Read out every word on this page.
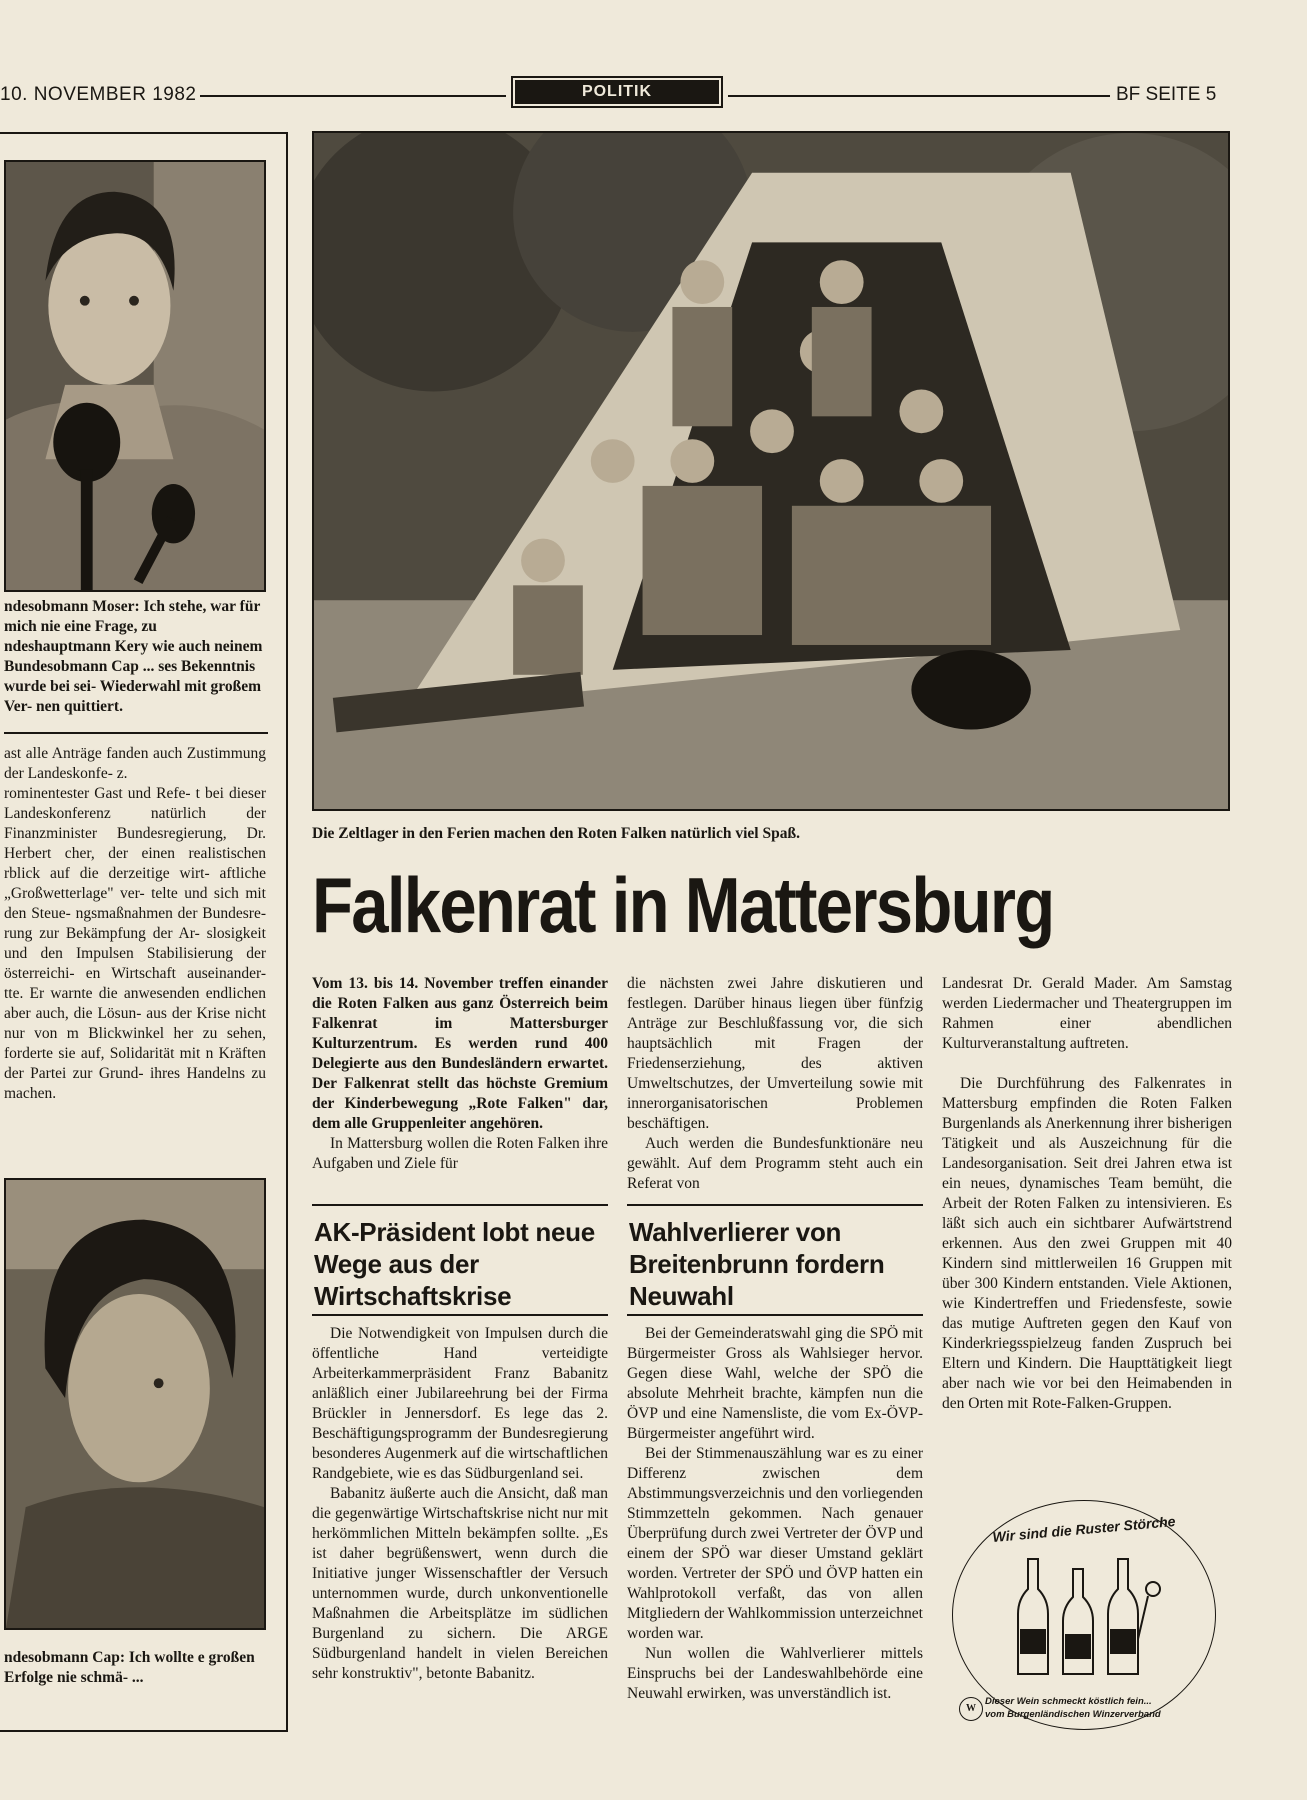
10. NOVEMBER 1982	POLITIK	BF SEITE 5
ndesobmann Moser: Ich stehe, war für mich nie eine Frage, zu ndeshauptmann Kery wie auch neinem Bundesobmann Cap ... ses Bekenntnis wurde bei sei- Wiederwahl mit großem Ver- nen quittiert.

ast alle Anträge fanden auch Zustimmung der Landeskonfe- z.

rominentester Gast und Refe- t bei dieser Landeskonferenz natürlich der Finanzminister Bundesregierung, Dr. Herbert cher, der einen realistischen rblick auf die derzeitige wirt- aftliche „Großwetterlage" ver- telte und sich mit den Steue- ngsmaßnahmen der Bundesre- rung zur Bekämpfung der Ar- slosigkeit und den Impulsen Stabilisierung der österreichi- en Wirtschaft auseinander- tte. Er warnte die anwesenden endlichen aber auch, die Lösun- aus der Krise nicht nur von m Blickwinkel her zu sehen, forderte sie auf, Solidarität mit n Kräften der Partei zur Grund- ihres Handelns zu machen.

ndesobmann Cap: Ich wollte e großen Erfolge nie schmä- ...
Die Zeltlager in den Ferien machen den Roten Falken natürlich viel Spaß.
Falkenrat in Mattersburg

Vom 13. bis 14. November treffen einander die Roten Falken aus ganz Österreich beim Falkenrat im Mattersburger Kulturzentrum. Es werden rund 400 Delegierte aus den Bundesländern erwartet. Der Falkenrat stellt das höchste Gremium der Kinderbewegung „Rote Falken" dar, dem alle Gruppenleiter angehören.

In Mattersburg wollen die Roten Falken ihre Aufgaben und Ziele für

die nächsten zwei Jahre diskutieren und festlegen. Darüber hinaus liegen über fünfzig Anträge zur Beschlußfassung vor, die sich hauptsächlich mit Fragen der Friedenserziehung, des aktiven Umweltschutzes, der Umverteilung sowie mit innerorganisatorischen Problemen beschäftigen.

Auch werden die Bundesfunktionäre neu gewählt. Auf dem Programm steht auch ein Referat von

Landesrat Dr. Gerald Mader. Am Samstag werden Liedermacher und Theatergruppen im Rahmen einer abendlichen Kulturveranstaltung auftreten.

Die Durchführung des Falkenrates in Mattersburg empfinden die Roten Falken Burgenlands als Anerkennung ihrer bisherigen Tätigkeit und als Auszeichnung für die Landesorganisation. Seit drei Jahren etwa ist ein neues, dynamisches Team bemüht, die Arbeit der Roten Falken zu intensivieren. Es läßt sich auch ein sichtbarer Aufwärtstrend erkennen. Aus den zwei Gruppen mit 40 Kindern sind mittlerweilen 16 Gruppen mit über 300 Kindern entstanden. Viele Aktionen, wie Kindertreffen und Friedensfeste, sowie das mutige Auftreten gegen den Kauf von Kinderkriegsspielzeug fanden Zuspruch bei Eltern und Kindern. Die Haupttätigkeit liegt aber nach wie vor bei den Heimabenden in den Orten mit Rote-Falken-Gruppen.

AK-Präsident lobt neue Wege aus der Wirtschaftskrise

Die Notwendigkeit von Impulsen durch die öffentliche Hand verteidigte Arbeiterkammerpräsident Franz Babanitz anläßlich einer Jubilareehrung bei der Firma Brückler in Jennersdorf. Es lege das 2. Beschäftigungsprogramm der Bundesregierung besonderes Augenmerk auf die wirtschaftlichen Randgebiete, wie es das Südburgenland sei.

Babanitz äußerte auch die Ansicht, daß man die gegenwärtige Wirtschaftskrise nicht nur mit herkömmlichen Mitteln bekämpfen sollte. „Es ist daher begrüßenswert, wenn durch die Initiative junger Wissenschaftler der Versuch unternommen wurde, durch unkonventionelle Maßnahmen die Arbeitsplätze im südlichen Burgenland zu sichern. Die ARGE Südburgenland handelt in vielen Bereichen sehr konstruktiv", betonte Babanitz.

Wahlverlierer von Breitenbrunn fordern Neuwahl

Bei der Gemeinderatswahl ging die SPÖ mit Bürgermeister Gross als Wahlsieger hervor. Gegen diese Wahl, welche der SPÖ die absolute Mehrheit brachte, kämpfen nun die ÖVP und eine Namensliste, die vom Ex-ÖVP-Bürgermeister angeführt wird.

Bei der Stimmenauszählung war es zu einer Differenz zwischen dem Abstimmungsverzeichnis und den vorliegenden Stimmzetteln gekommen. Nach genauer Überprüfung durch zwei Vertreter der ÖVP und einem der SPÖ war dieser Umstand geklärt worden. Vertreter der SPÖ und ÖVP hatten ein Wahlprotokoll verfaßt, das von allen Mitgliedern der Wahlkommission unterzeichnet worden war.

Nun wollen die Wahlverlierer mittels Einspruchs bei der Landeswahlbehörde eine Neuwahl erwirken, was unverständlich ist.

Wir sind die Ruster Störche
W
Dieser Wein schmeckt köstlich fein...
vom Burgenländischen Winzerverband
